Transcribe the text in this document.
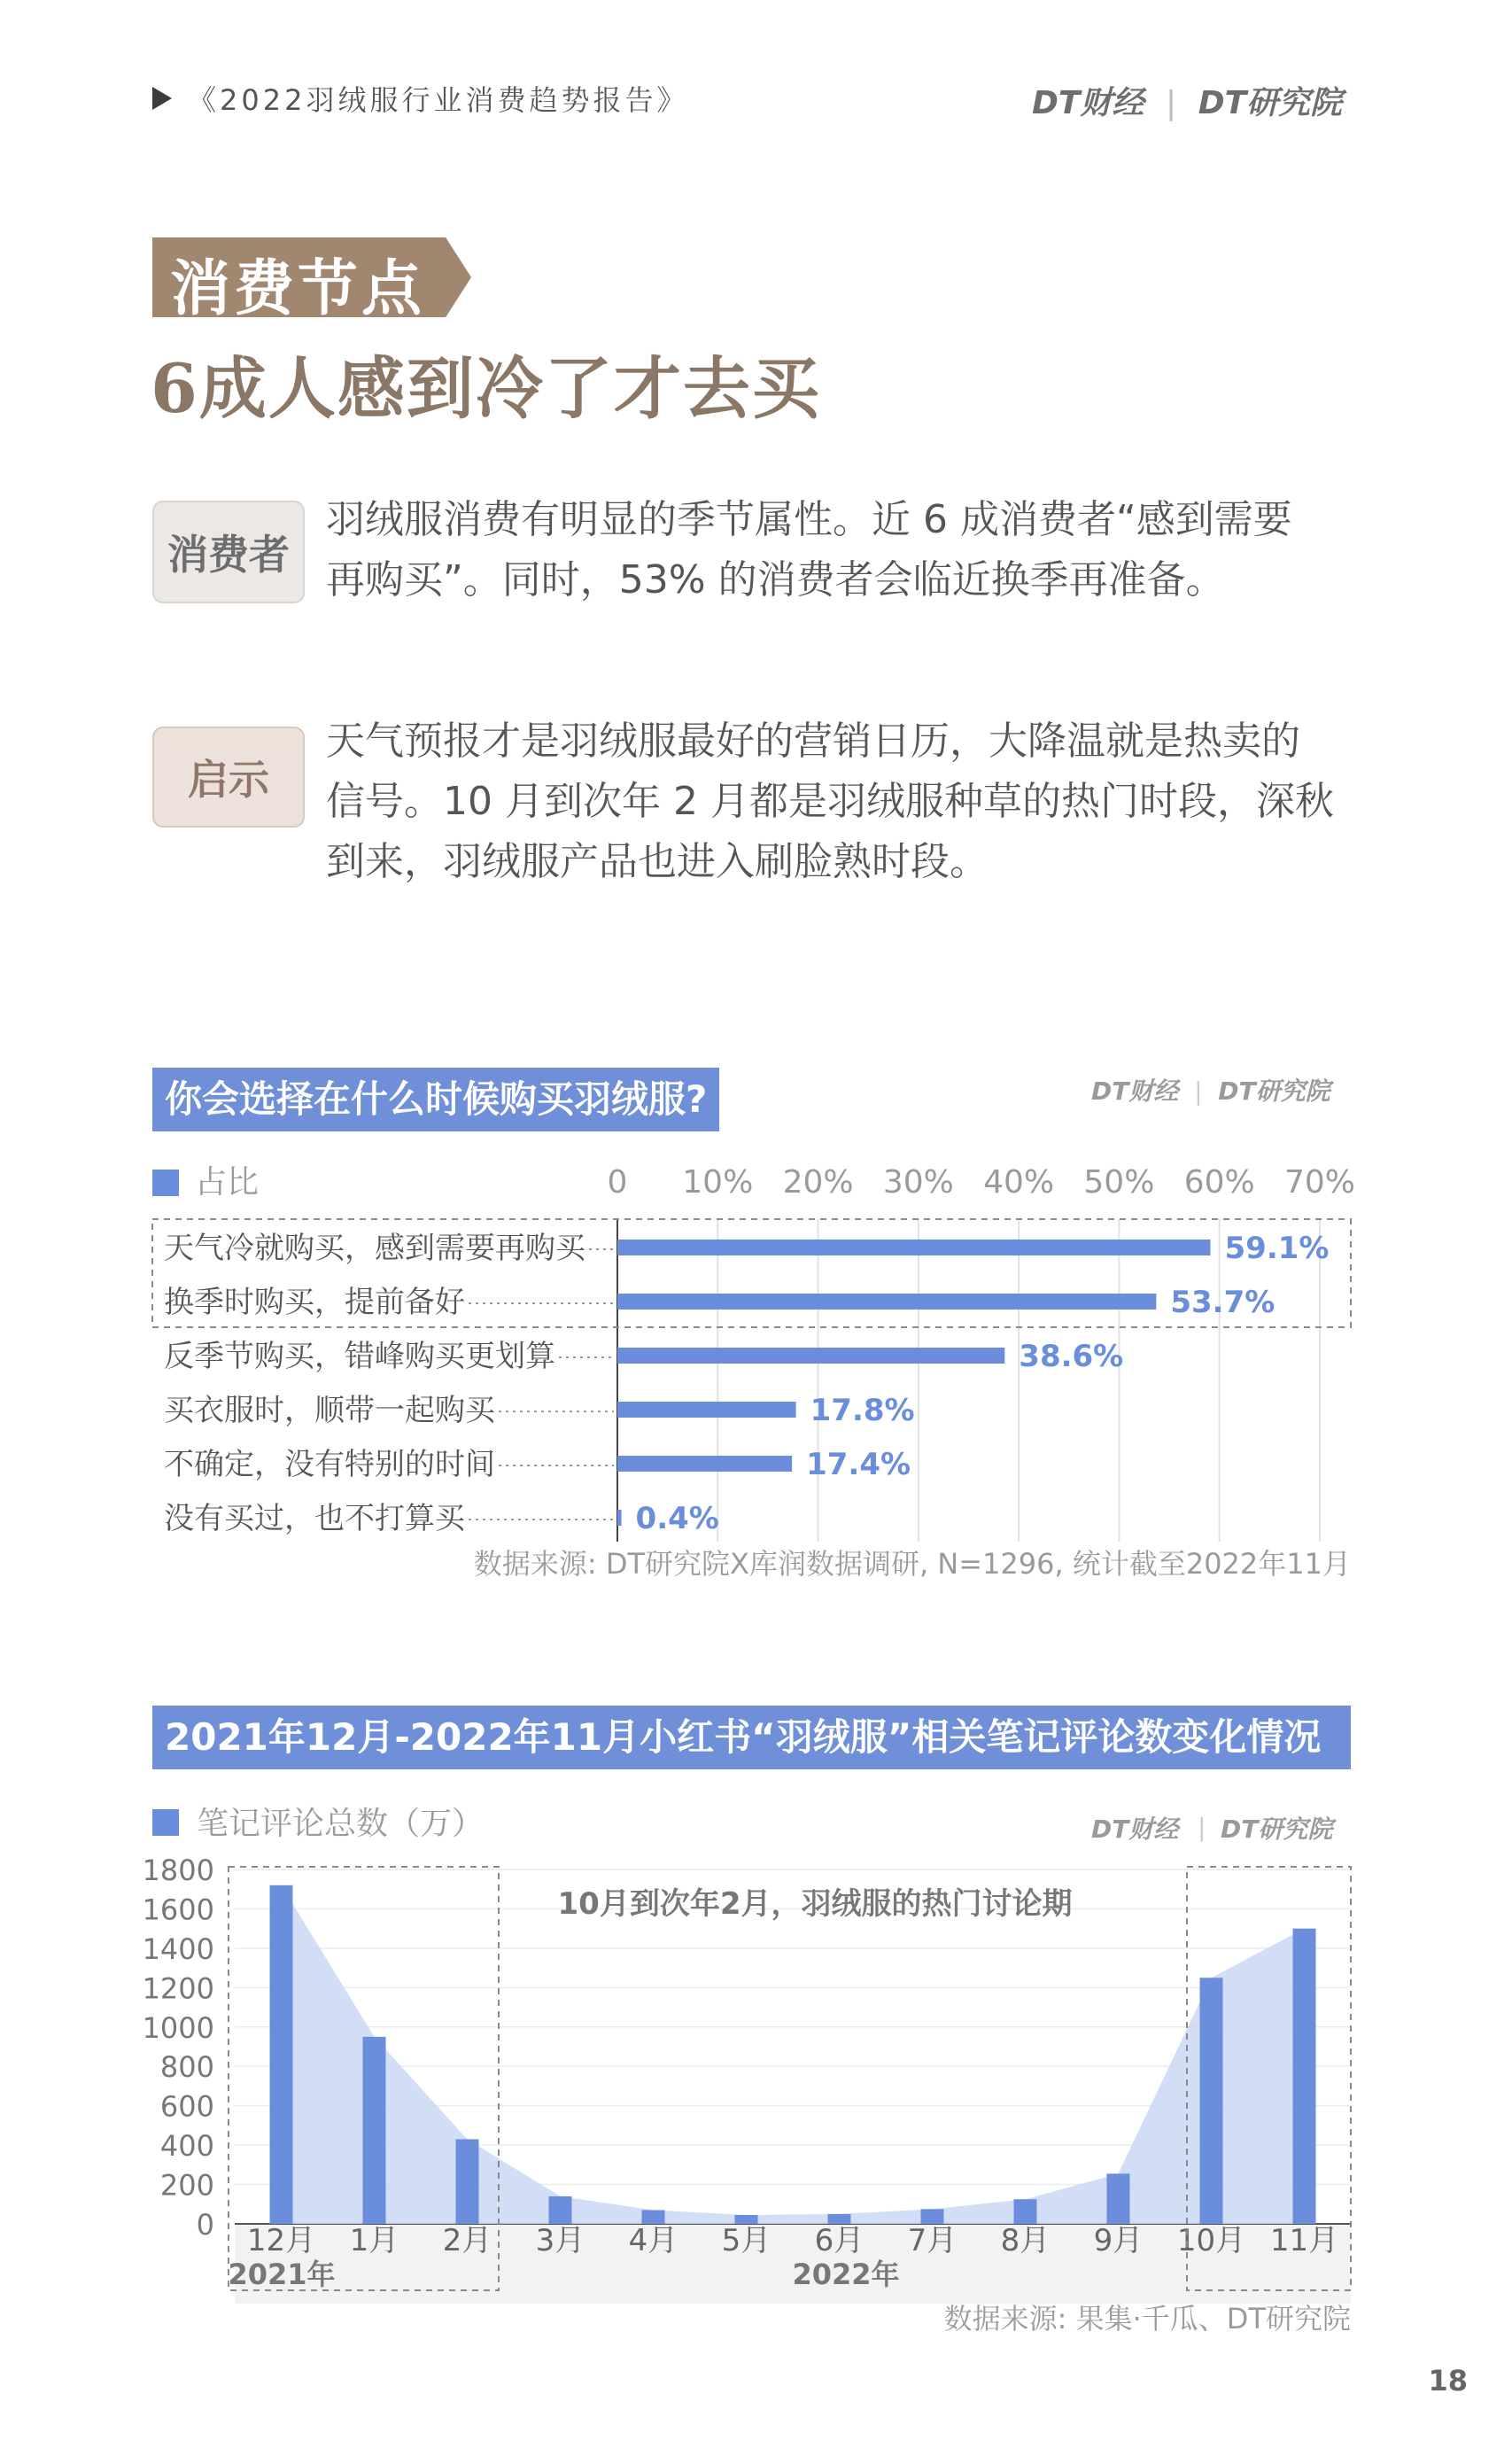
《2022羽绒服行业消费趋势报告》	DT财经 | DT研究院
消费节点
6成人感到冷了才去买
消费者
羽绒服消费有明显的季节属性。近 6 成消费者“感到需要
再购买”。同时，53% 的消费者会临近换季再准备。
启示
天气预报才是羽绒服最好的营销日历，大降温就是热卖的
信号。10 月到次年 2 月都是羽绒服种草的热门时段，深秋
到来，羽绒服产品也进入刷脸熟时段。
你会选择在什么时候购买羽绒服?	DT财经 | DT研究院
占比	0 10% 20% 30% 40% 50% 60% 70%
天气冷就购买，感到需要再购买	59.1%
换季时购买，提前备好	53.7%
反季节购买，错峰购买更划算	38.6%
买衣服时，顺带一起购买	17.8%
不确定，没有特别的时间	17.4%
没有买过，也不打算买	0.4%
数据来源: DT研究院X库润数据调研, N=1296, 统计截至2022年11月
2021年12月-2022年11月小红书“羽绒服”相关笔记评论数变化情况
笔记评论总数（万）	DT财经 | DT研究院
1800
1600
1400
1200
1000
800
600
400
200
0 12月 1月 2月 3月 4月 5月 6月 7月 8月 9月 10月 11月
10月到次年2月，羽绒服的热门讨论期
2021年	2022年
数据来源: 果集·千瓜、DT研究院
18
